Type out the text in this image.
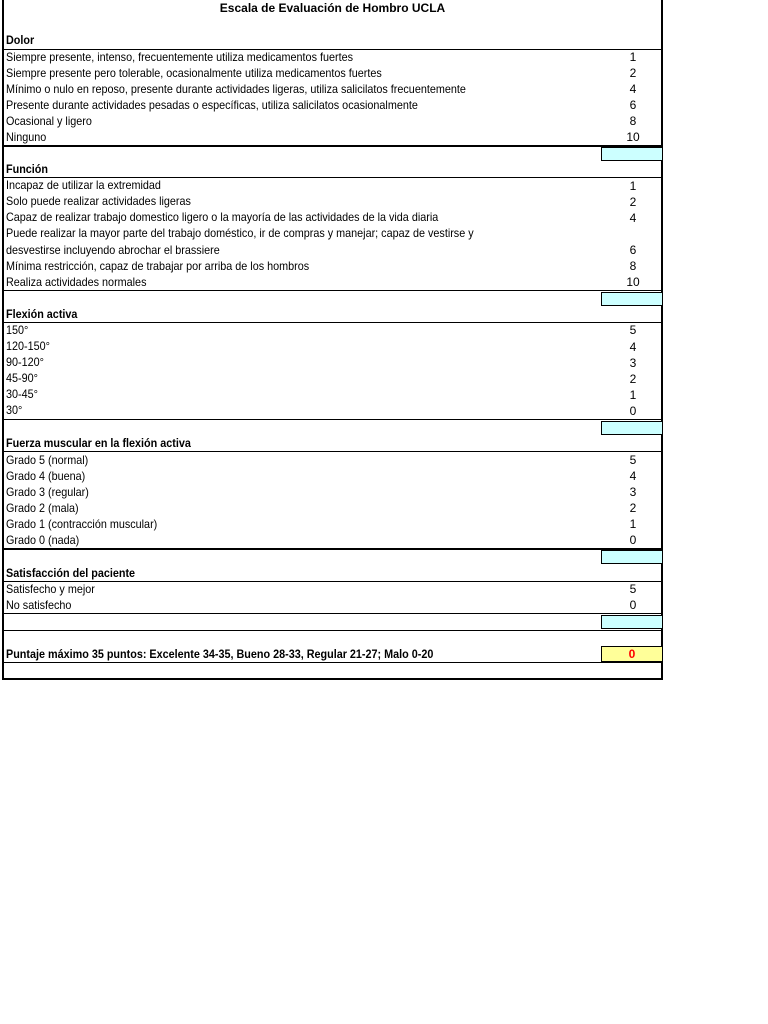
Escala de Evaluación de Hombro UCLA
Dolor
Siempre presente, intenso, frecuentemente utiliza medicamentos fuertes	1
Siempre presente pero tolerable, ocasionalmente utiliza medicamentos fuertes	2
Mínimo o nulo en reposo, presente durante actividades ligeras, utiliza salicilatos frecuentemente	4
Presente durante actividades pesadas o específicas, utiliza salicilatos ocasionalmente	6
Ocasional y ligero	8
Ninguno	10
Función
Incapaz de utilizar la extremidad	1
Solo puede realizar actividades ligeras	2
Capaz de realizar trabajo domestico ligero o la mayoría de las actividades de la vida diaria	4
Puede realizar la mayor parte del trabajo doméstico, ir de compras y manejar; capaz de vestirse y
desvestirse incluyendo abrochar el brassiere	6
Mínima restricción, capaz de trabajar por arriba de los hombros	8
Realiza actividades normales	10
Flexión activa
150°	5
120-150°	4
90-120°	3
45-90°	2
30-45°	1
30°	0
Fuerza muscular en la flexión activa
Grado 5 (normal)	5
Grado 4 (buena)	4
Grado 3 (regular)	3
Grado 2 (mala)	2
Grado 1 (contracción muscular)	1
Grado 0 (nada)	0
Satisfacción del paciente
Satisfecho y mejor	5
No satisfecho	0
Puntaje máximo 35 puntos: Excelente 34-35, Bueno 28-33, Regular 21-27; Malo 0-20	0
